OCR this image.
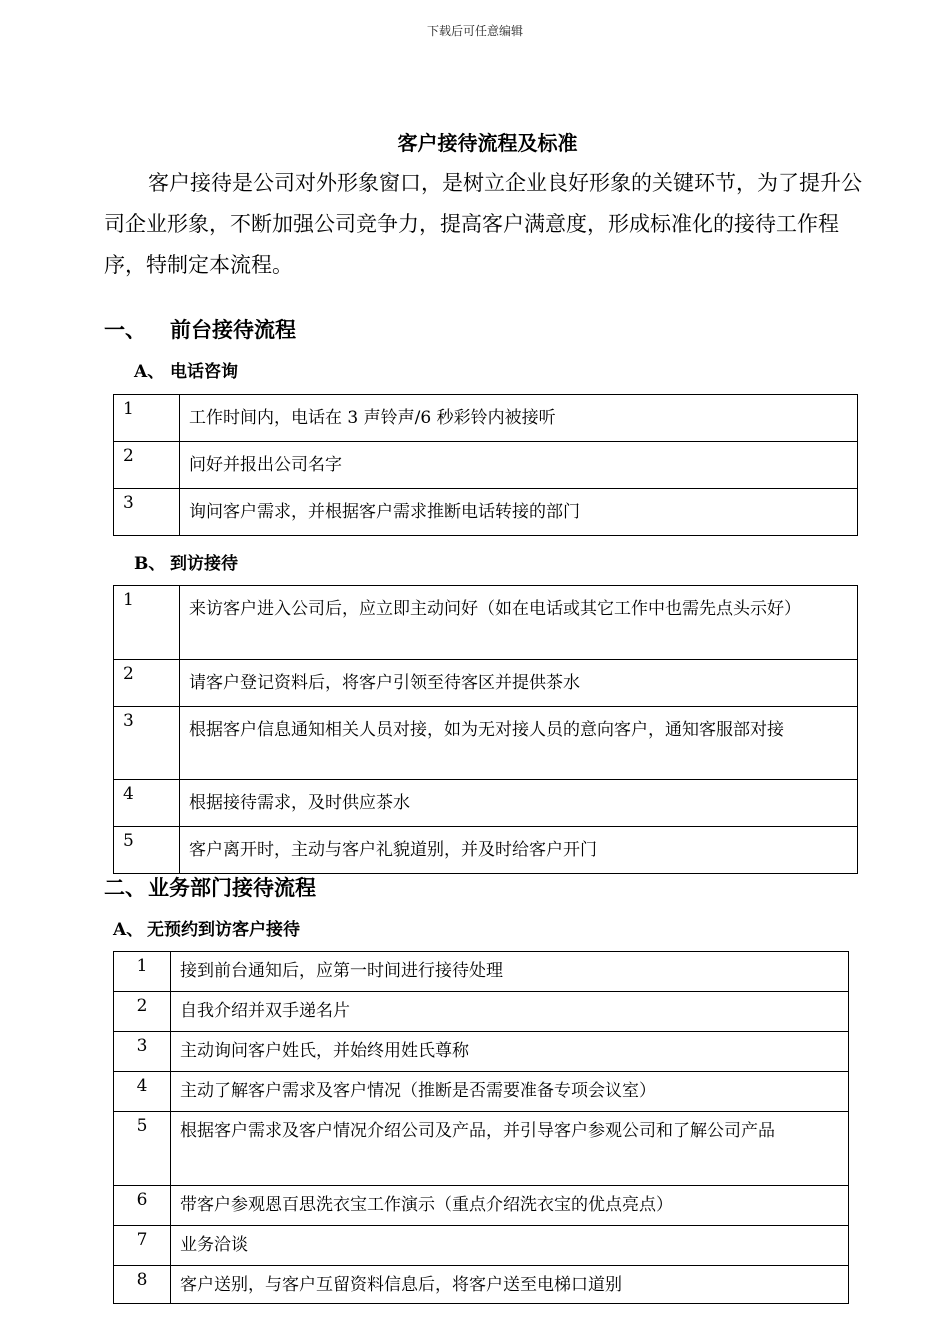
下载后可任意编辑
客户接待流程及标准

客户接待是公司对外形象窗口，是树立企业良好形象的关键环节，为了提升公司企业形象，不断加强公司竞争力，提高客户满意度，形成标准化的接待工作程序，特制定本流程。

一、 前台接待流程
A、 电话咨询
1	工作时间内，电话在 3 声铃声/6 秒彩铃内被接听
2	问好并报出公司名字
3	询问客户需求，并根据客户需求推断电话转接的部门
B、 到访接待
1	来访客户进入公司后，应立即主动问好（如在电话或其它工作中也需先点头示好）
2	请客户登记资料后，将客户引领至待客区并提供茶水
3	根据客户信息通知相关人员对接，如为无对接人员的意向客户，通知客服部对接
4	根据接待需求，及时供应茶水
5	客户离开时，主动与客户礼貌道别，并及时给客户开门
二、业务部门接待流程
A、 无预约到访客户接待
1	接到前台通知后，应第一时间进行接待处理
2	自我介绍并双手递名片
3	主动询问客户姓氏，并始终用姓氏尊称
4	主动了解客户需求及客户情况（推断是否需要准备专项会议室）
5	根据客户需求及客户情况介绍公司及产品，并引导客户参观公司和了解公司产品
6	带客户参观恩百思洗衣宝工作演示（重点介绍洗衣宝的优点亮点）
7	业务洽谈
8	客户送别，与客户互留资料信息后，将客户送至电梯口道别
